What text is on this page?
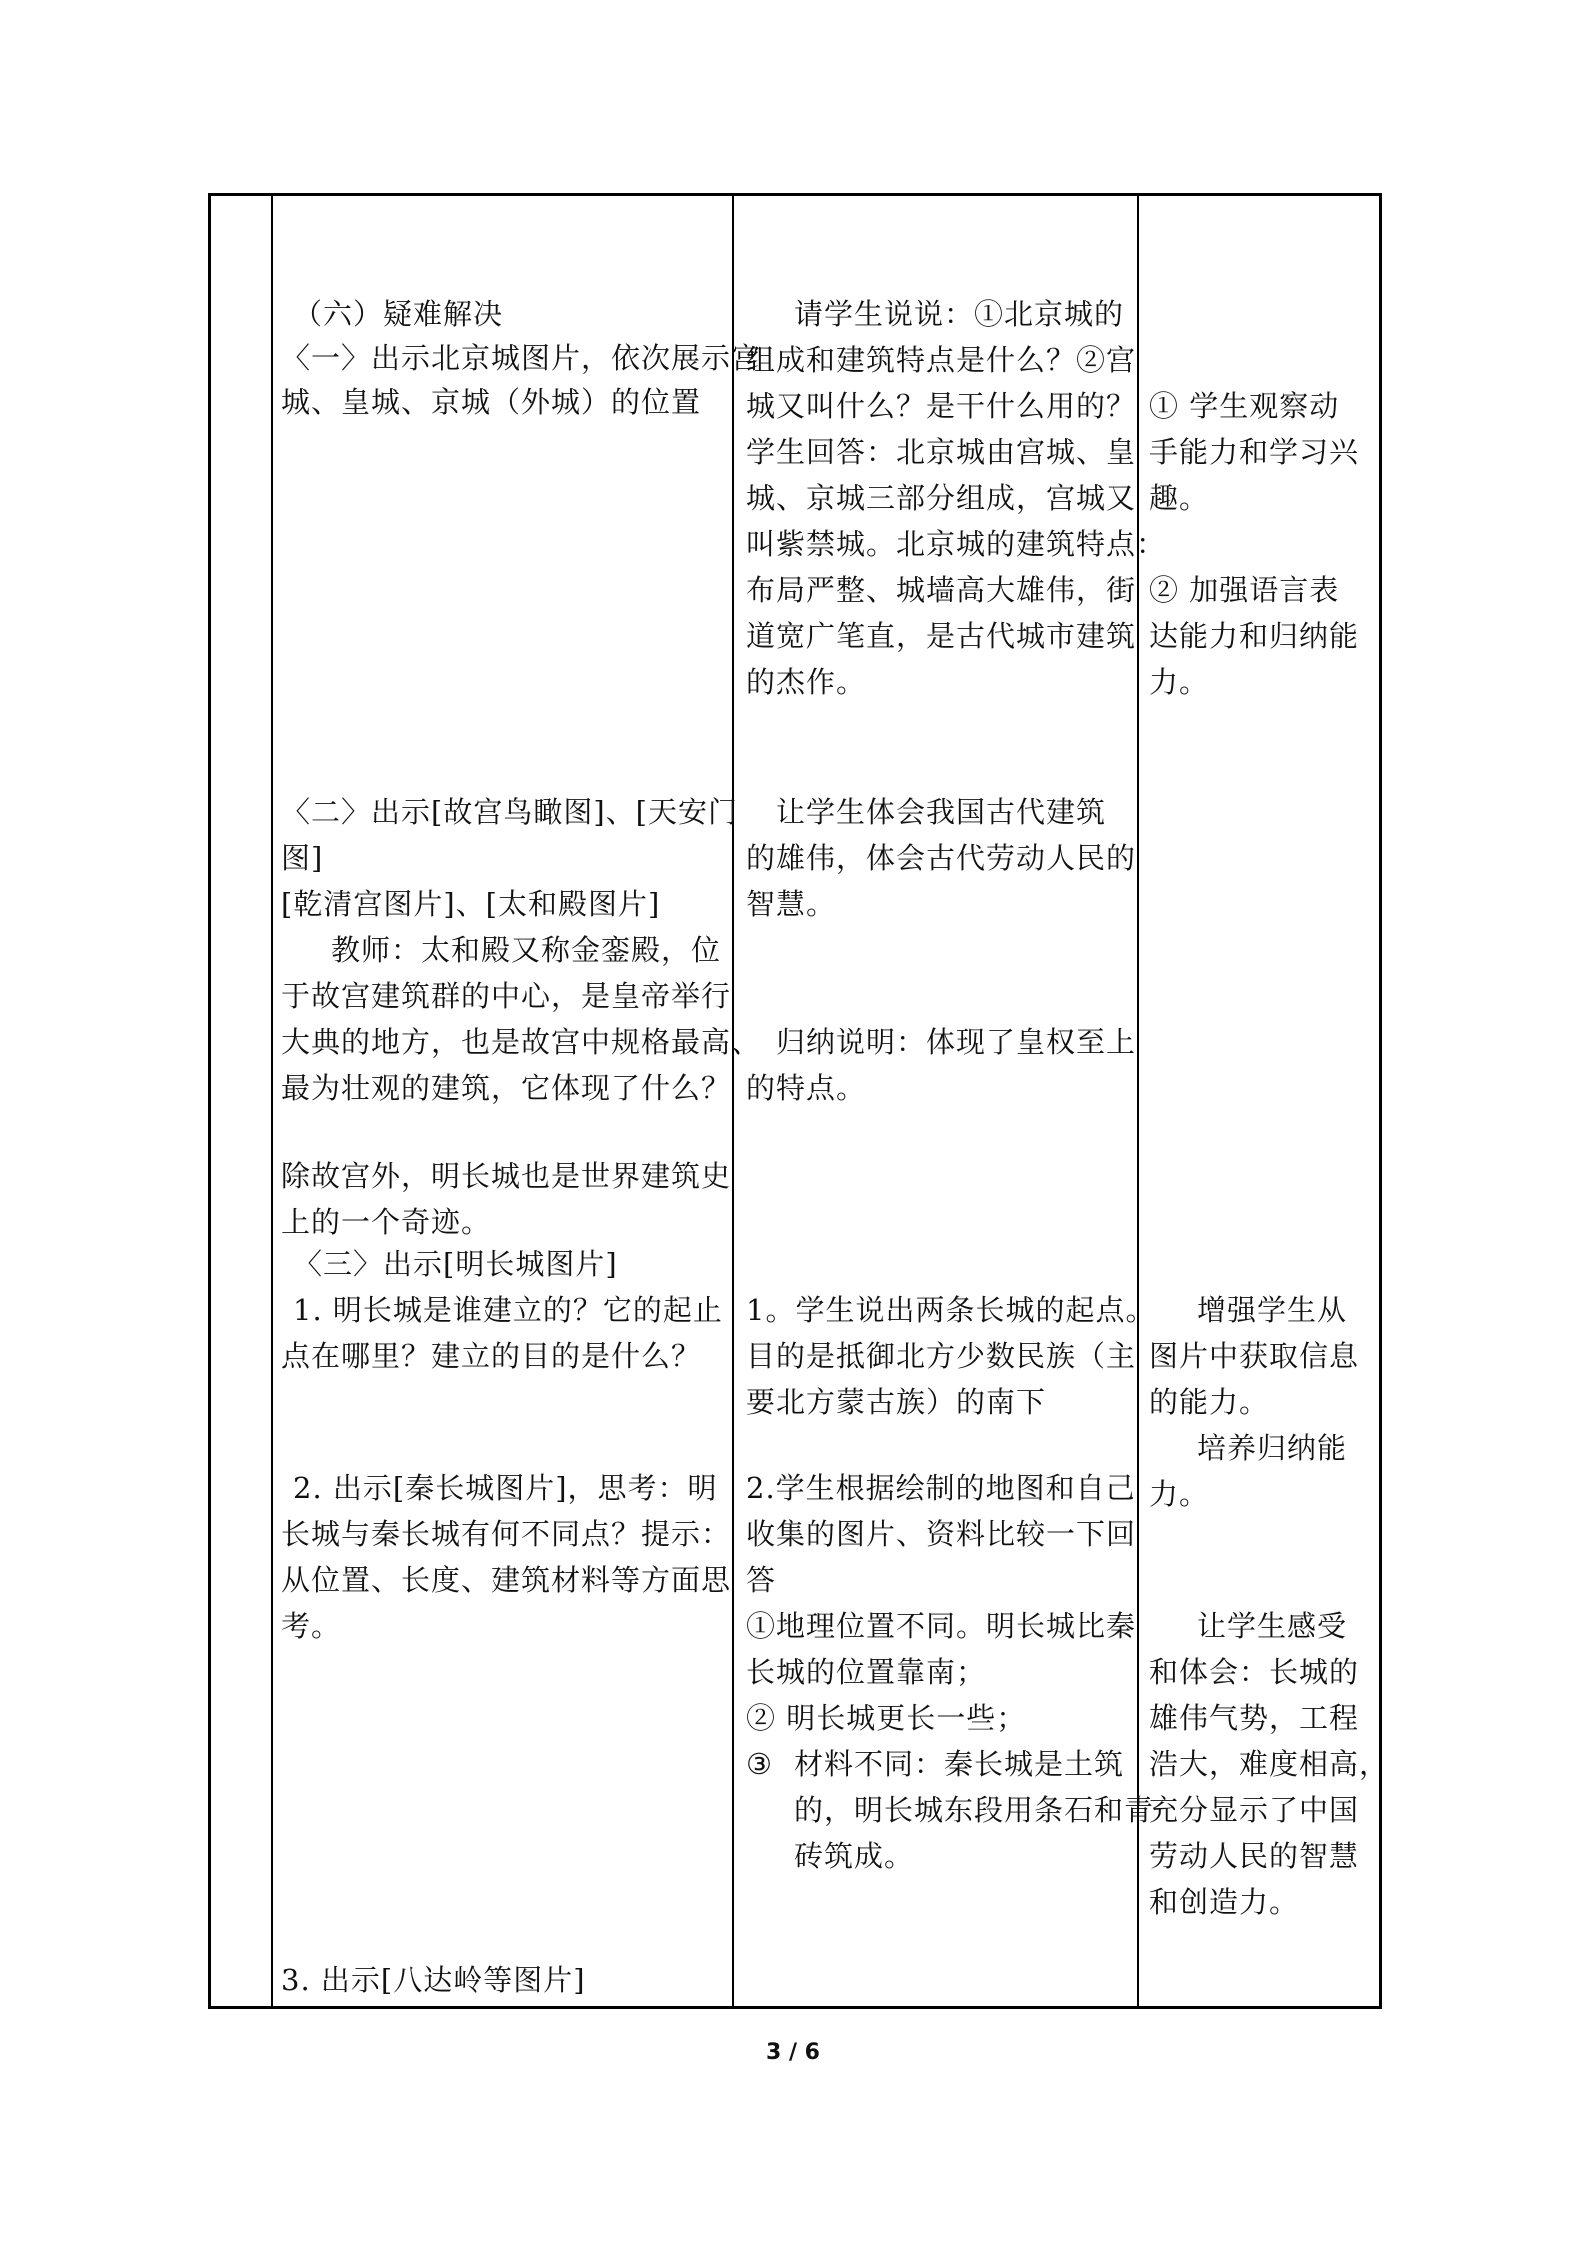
（六）疑难解决
〈一〉出示北京城图片，依次展示宫
城、皇城、京城（外城）的位置
〈二〉出示[故宫鸟瞰图]、[天安门
图]
[乾清宫图片]、[太和殿图片]
教师：太和殿又称金銮殿，位
于故宫建筑群的中心，是皇帝举行
大典的地方，也是故宫中规格最高、
最为壮观的建筑，它体现了什么？
除故宫外，明长城也是世界建筑史
上的一个奇迹。
〈三〉出示[明长城图片]
1. 明长城是谁建立的？它的起止
点在哪里？建立的目的是什么？
2. 出示[秦长城图片]，思考：明
长城与秦长城有何不同点？提示：
从位置、长度、建筑材料等方面思
考。
3. 出示[八达岭等图片]
请学生说说：①北京城的
组成和建筑特点是什么？②宫
城又叫什么？是干什么用的？
学生回答：北京城由宫城、皇
城、京城三部分组成，宫城又
叫紫禁城。北京城的建筑特点：
布局严整、城墙高大雄伟，街
道宽广笔直，是古代城市建筑
的杰作。
让学生体会我国古代建筑
的雄伟，体会古代劳动人民的
智慧。
归纳说明：体现了皇权至上
的特点。
1。学生说出两条长城的起点。
目的是抵御北方少数民族（主
要北方蒙古族）的南下
2.学生根据绘制的地图和自己
收集的图片、资料比较一下回
答
①地理位置不同。明长城比秦
长城的位置靠南；
② 明长城更长一些；
③ 材料不同：秦长城是土筑
的，明长城东段用条石和青
砖筑成。
① 学生观察动
手能力和学习兴
趣。
② 加强语言表
达能力和归纳能
力。
增强学生从
图片中获取信息
的能力。
培养归纳能
力。
让学生感受
和体会：长城的
雄伟气势，工程
浩大，难度相高，
充分显示了中国
劳动人民的智慧
和创造力。
3 / 6
